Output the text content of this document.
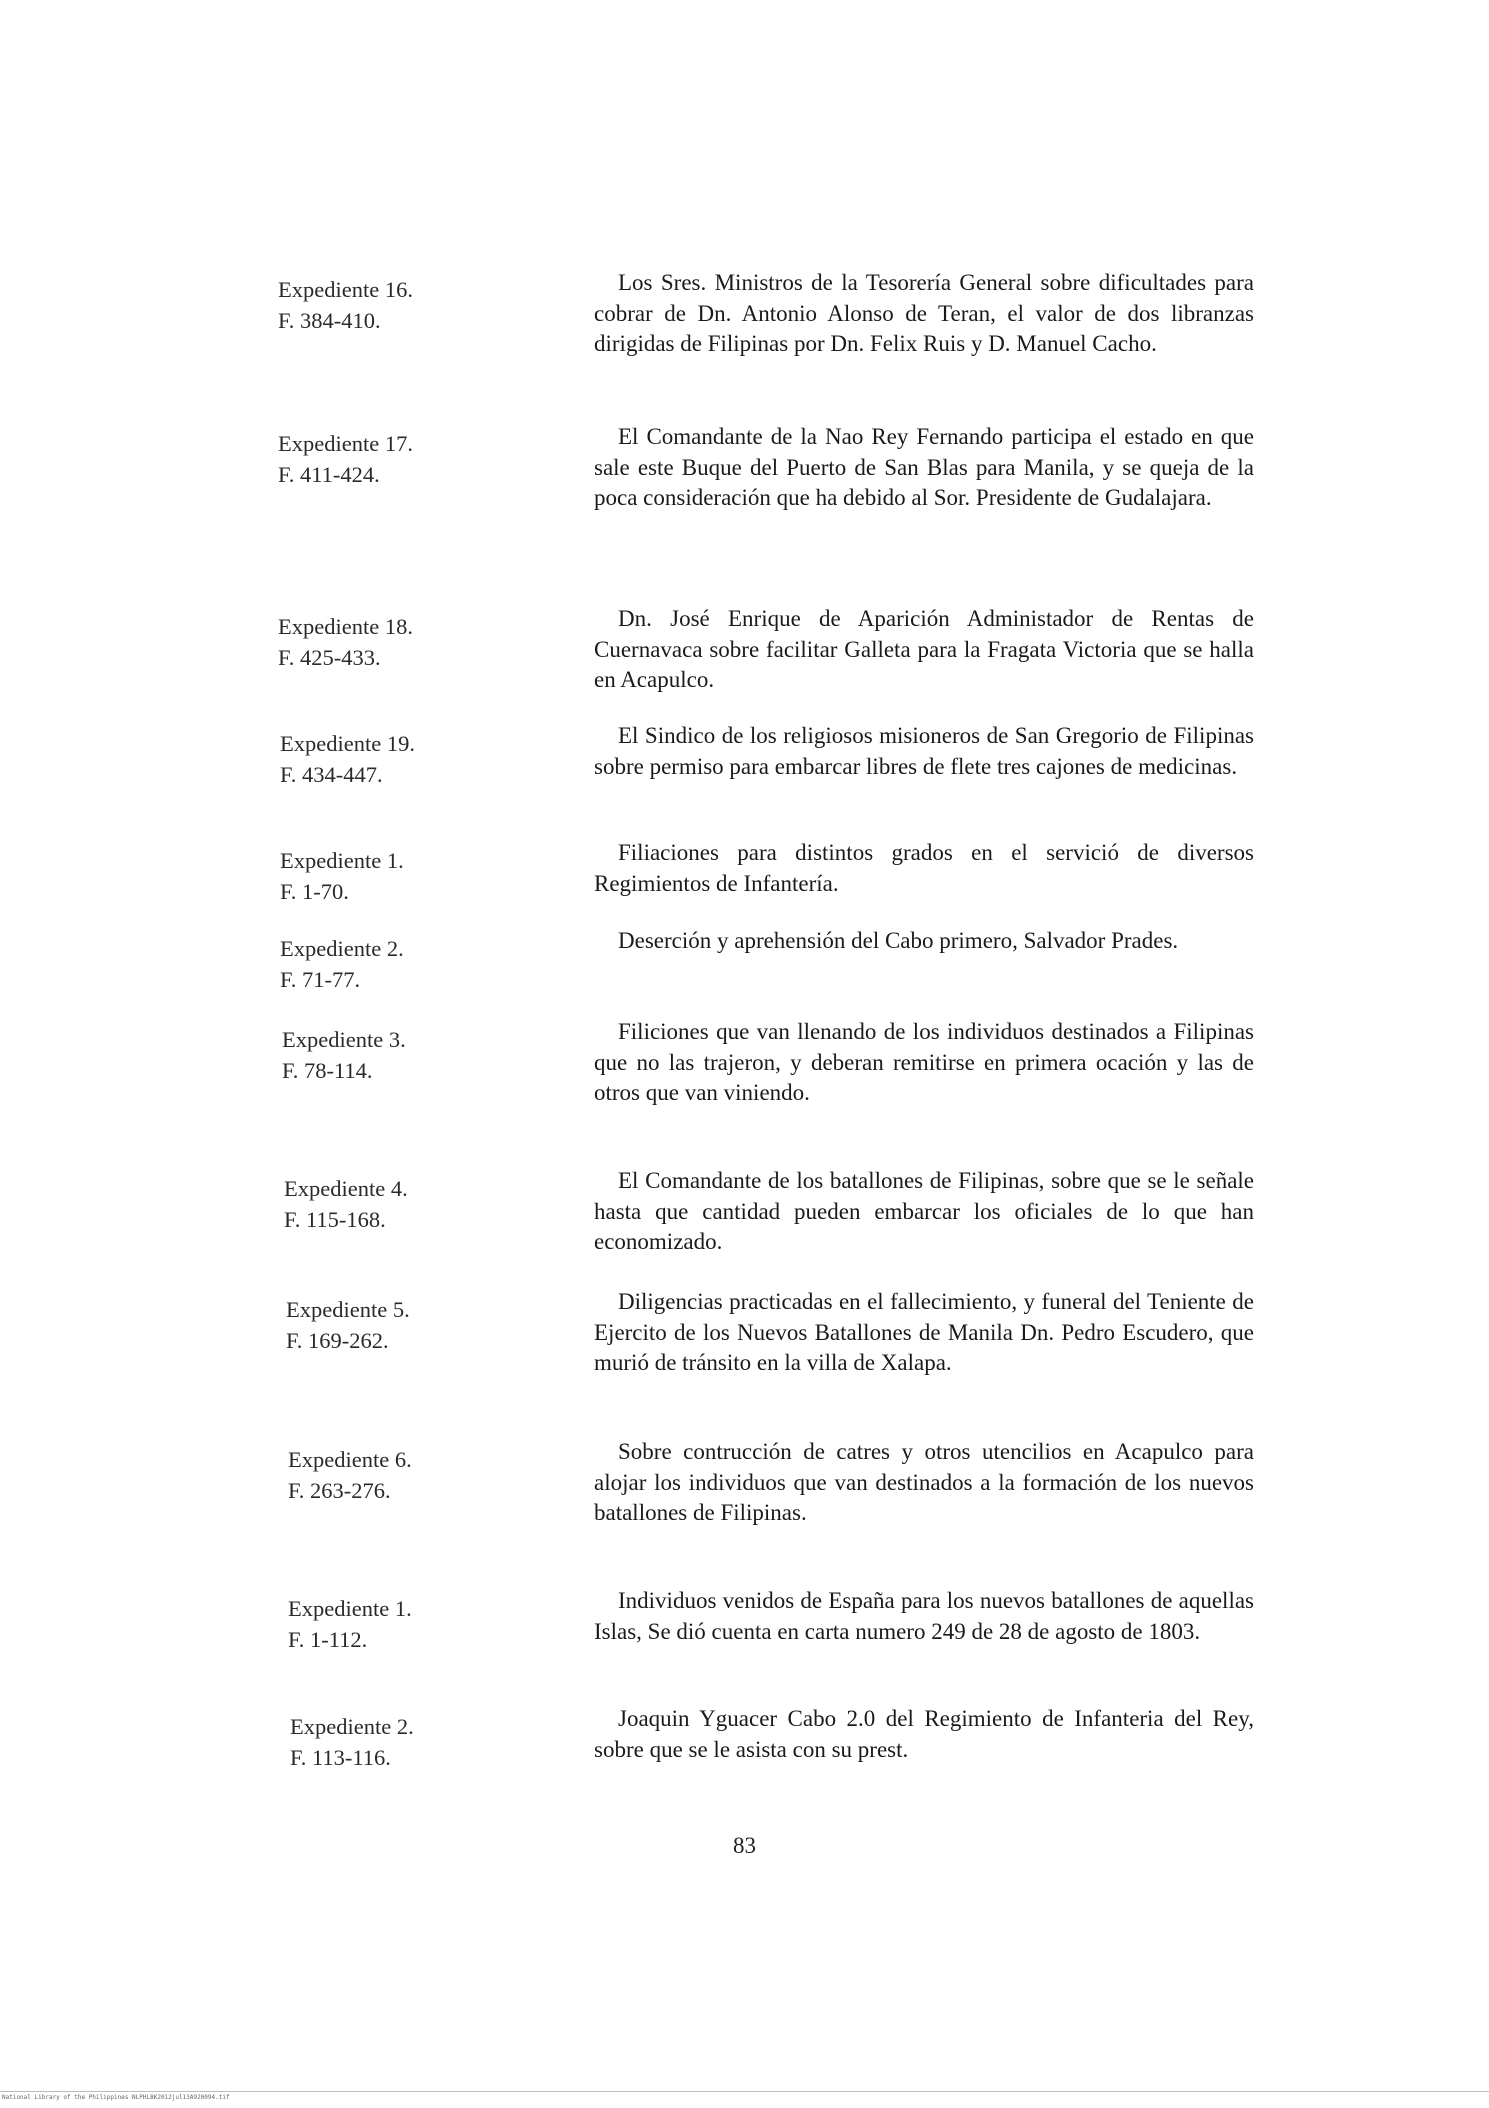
Expediente 16.
F. 384-410.
Los Sres. Ministros de la Tesorería General sobre dificultades para cobrar de Dn. Antonio Alonso de Teran, el valor de dos libranzas dirigidas de Filipinas por Dn. Felix Ruis y D. Manuel Cacho.
Expediente 17.
F. 411-424.
El Comandante de la Nao Rey Fernando participa el estado en que sale este Buque del Puerto de San Blas para Manila, y se queja de la poca consideración que ha debido al Sor. Presidente de Gudalajara.
Expediente 18.
F. 425-433.
Dn. José Enrique de Aparición Administador de Rentas de Cuernavaca sobre facilitar Galleta para la Fragata Victoria que se halla en Acapulco.
Expediente 19.
F. 434-447.
El Sindico de los religiosos misioneros de San Gregorio de Filipinas sobre permiso para embarcar libres de flete tres cajones de medicinas.
Expediente 1.
F. 1-70.
Filiaciones para distintos grados en el servició de diversos Regimientos de Infantería.
Expediente 2.
F. 71-77.
Deserción y aprehensión del Cabo primero, Salvador Prades.
Expediente 3.
F. 78-114.
Filiciones que van llenando de los individuos destinados a Filipinas que no las trajeron, y deberan remitirse en primera ocación y las de otros que van viniendo.
Expediente 4.
F. 115-168.
El Comandante de los batallones de Filipinas, sobre que se le señale hasta que cantidad pueden embarcar los oficiales de lo que han economizado.
Expediente 5.
F. 169-262.
Diligencias practicadas en el fallecimiento, y funeral del Teniente de Ejercito de los Nuevos Batallones de Manila Dn. Pedro Escudero, que murió de tránsito en la villa de Xalapa.
Expediente 6.
F. 263-276.
Sobre contrucción de catres y otros utencilios en Acapulco para alojar los individuos que van destinados a la formación de los nuevos batallones de Filipinas.
Expediente 1.
F. 1-112.
Individuos venidos de España para los nuevos batallones de aquellas Islas, Se dió cuenta en carta numero 249 de 28 de agosto de 1803.
Expediente 2.
F. 113-116.
Joaquin Yguacer Cabo 2.0 del Regimiento de Infanteria del Rey, sobre que se le asista con su prest.
83
National Library of the Philippines NLPHLBK2012jul13A920094.tif
